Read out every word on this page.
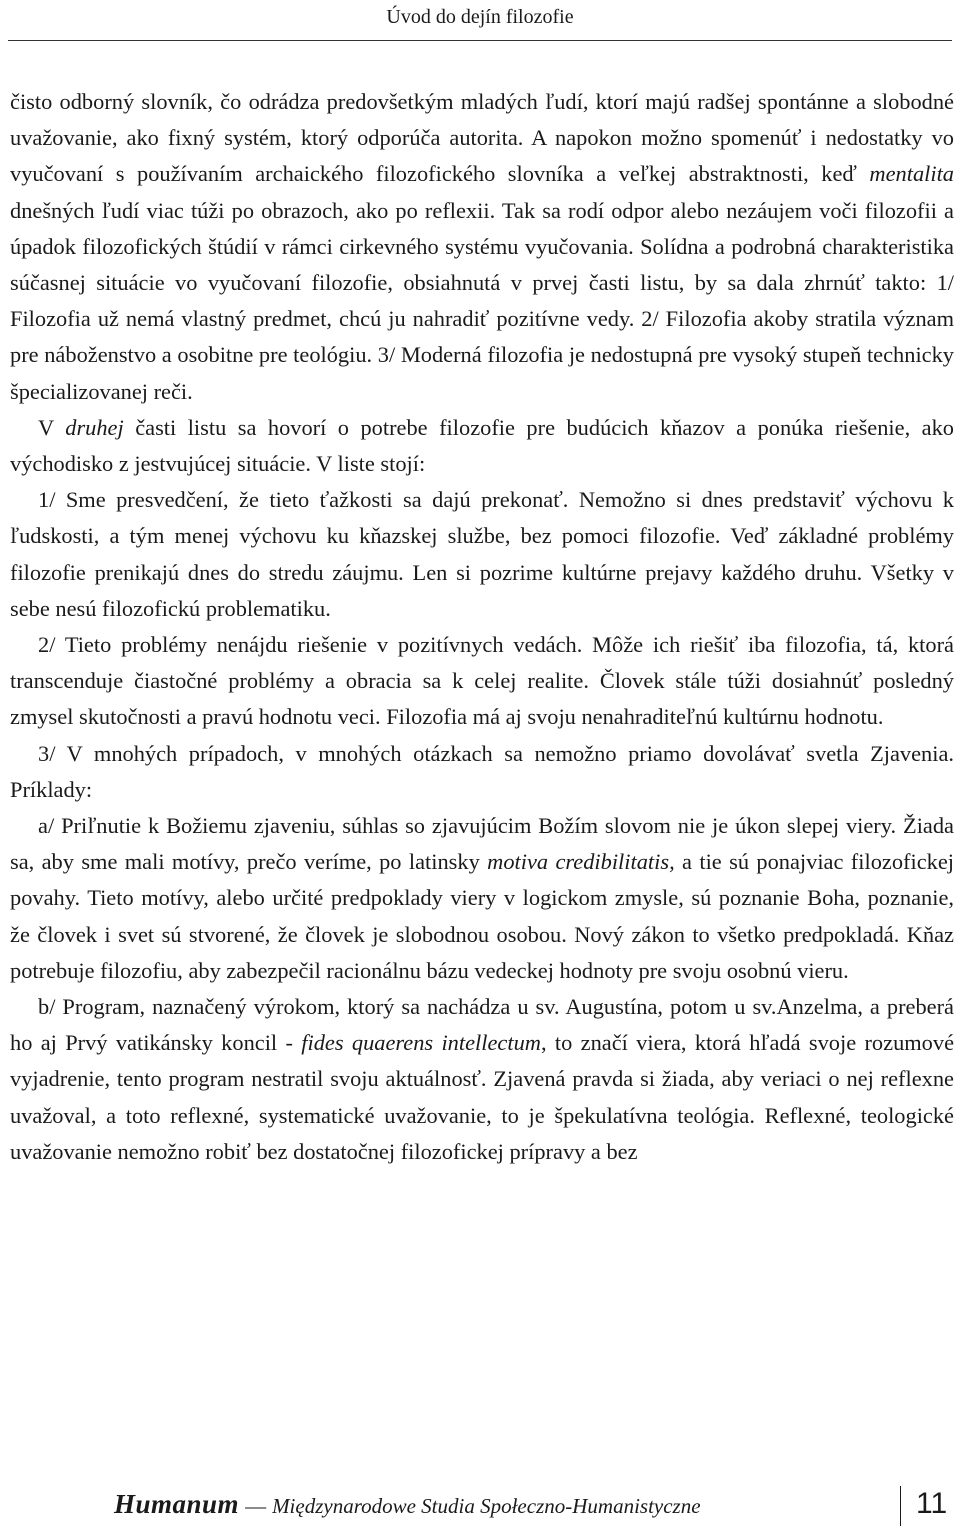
Úvod do dejín filozofie

čisto odborný slovník, čo odrádza predovšetkým mladých ľudí, ktorí majú radšej spontánne a slobodné uvažovanie, ako fixný systém, ktorý odporúča autorita. A napokon možno spomenúť i nedostatky vo vyučovaní s používaním archaického filozofického slovníka a veľkej abstraktnosti, keď mentalita dnešných ľudí viac túži po obrazoch, ako po reflexii. Tak sa rodí odpor alebo nezáujem voči filozofii a úpadok filozofických štúdií v rámci cirkevného systému vyučovania. Solídna a podrobná charakteristika súčasnej situácie vo vyučovaní filozofie, obsiahnutá v prvej časti listu, by sa dala zhrnúť takto: 1/ Filozofia už nemá vlastný predmet, chcú ju nahradiť pozitívne vedy. 2/ Filozofia akoby stratila význam pre náboženstvo a osobitne pre teológiu. 3/ Moderná filozofia je nedostupná pre vysoký stupeň technicky špecializovanej reči.

V druhej časti listu sa hovorí o potrebe filozofie pre budúcich kňazov a ponúka riešenie, ako východisko z jestvujúcej situácie. V liste stojí:

1/ Sme presvedčení, že tieto ťažkosti sa dajú prekonať. Nemožno si dnes predstaviť výchovu k ľudskosti, a tým menej výchovu ku kňazskej službe, bez pomoci filozofie. Veď základné problémy filozofie prenikajú dnes do stredu záujmu. Len si pozrime kultúrne prejavy každého druhu. Všetky v sebe nesú filozofickú problematiku.

2/ Tieto problémy nenájdu riešenie v pozitívnych vedách. Môže ich riešiť iba filozofia, tá, ktorá transcenduje čiastočné problémy a obracia sa k celej realite. Človek stále túži dosiahnúť posledný zmysel skutočnosti a pravú hodnotu veci. Filozofia má aj svoju nenahraditeľnú kultúrnu hodnotu.

3/ V mnohých prípadoch, v mnohých otázkach sa nemožno priamo dovolávať svetla Zjavenia. Príklady:

a/ Priľnutie k Božiemu zjaveniu, súhlas so zjavujúcim Božím slovom nie je úkon slepej viery. Žiada sa, aby sme mali motívy, prečo veríme, po latinsky motiva credibilitatis, a tie sú ponajviac filozofickej povahy. Tieto motívy, alebo určité predpoklady viery v logickom zmysle, sú poznanie Boha, poznanie, že človek i svet sú stvorené, že človek je slobodnou osobou. Nový zákon to všetko predpokladá. Kňaz potrebuje filozofiu, aby zabezpečil racionálnu bázu vedeckej hodnoty pre svoju osobnú vieru.

b/ Program, naznačený výrokom, ktorý sa nachádza u sv. Augustína, potom u sv.Anzelma, a preberá ho aj Prvý vatikánsky koncil - fides quaerens intellectum, to značí viera, ktorá hľadá svoje rozumové vyjadrenie, tento program nestratil svoju aktuálnosť. Zjavená pravda si žiada, aby veriaci o nej reflexne uvažoval, a toto reflexné, systematické uvažovanie, to je špekulatívna teológia. Reflexné, teologické uvažovanie nemožno robiť bez dostatočnej filozofickej prípravy a bez

Humanum — Międzynarodowe Studia Społeczno-Humanistyczne	11
